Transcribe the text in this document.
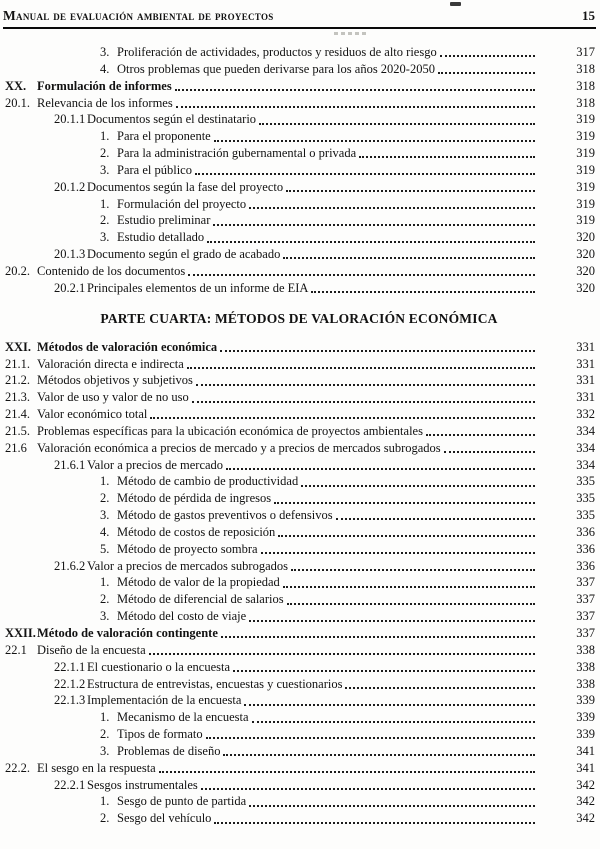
Manual de evaluación ambiental de proyectos	15
3. Proliferación de actividades, productos y residuos de alto riesgo	317
4. Otros problemas que pueden derivarse para los años 2020-2050	318
XX. Formulación de informes	318
20.1. Relevancia de los informes	318
20.1.1 Documentos según el destinatario	319
1. Para el proponente	319
2. Para la administración gubernamental o privada	319
3. Para el público	319
20.1.2 Documentos según la fase del proyecto	319
1. Formulación del proyecto	319
2. Estudio preliminar	319
3. Estudio detallado	320
20.1.3 Documento según el grado de acabado	320
20.2. Contenido de los documentos	320
20.2.1 Principales elementos de un informe de EIA	320
PARTE CUARTA: MÉTODOS DE VALORACIÓN ECONÓMICA
XXI. Métodos de valoración económica	331
21.1. Valoración directa e indirecta	331
21.2. Métodos objetivos y subjetivos	331
21.3. Valor de uso y valor de no uso	331
21.4. Valor económico total	332
21.5. Problemas específicas para la ubicación económica de proyectos ambientales	334
21.6 Valoración económica a precios de mercado y a precios de mercados subrogados	334
21.6.1 Valor a precios de mercado	334
1. Método de cambio de productividad	335
2. Método de pérdida de ingresos	335
3. Método de gastos preventivos o defensivos	335
4. Método de costos de reposición	336
5. Método de proyecto sombra	336
21.6.2 Valor a precios de mercados subrogados	336
1. Método de valor de la propiedad	337
2. Método de diferencial de salarios	337
3. Método del costo de viaje	337
XXII. Método de valoración contingente	337
22.1 Diseño de la encuesta	338
22.1.1 El cuestionario o la encuesta	338
22.1.2 Estructura de entrevistas, encuestas y cuestionarios	338
22.1.3 Implementación de la encuesta	339
1. Mecanismo de la encuesta	339
2. Tipos de formato	339
3. Problemas de diseño	341
22.2. El sesgo en la respuesta	341
22.2.1 Sesgos instrumentales	342
1. Sesgo de punto de partida	342
2. Sesgo del vehículo	342
